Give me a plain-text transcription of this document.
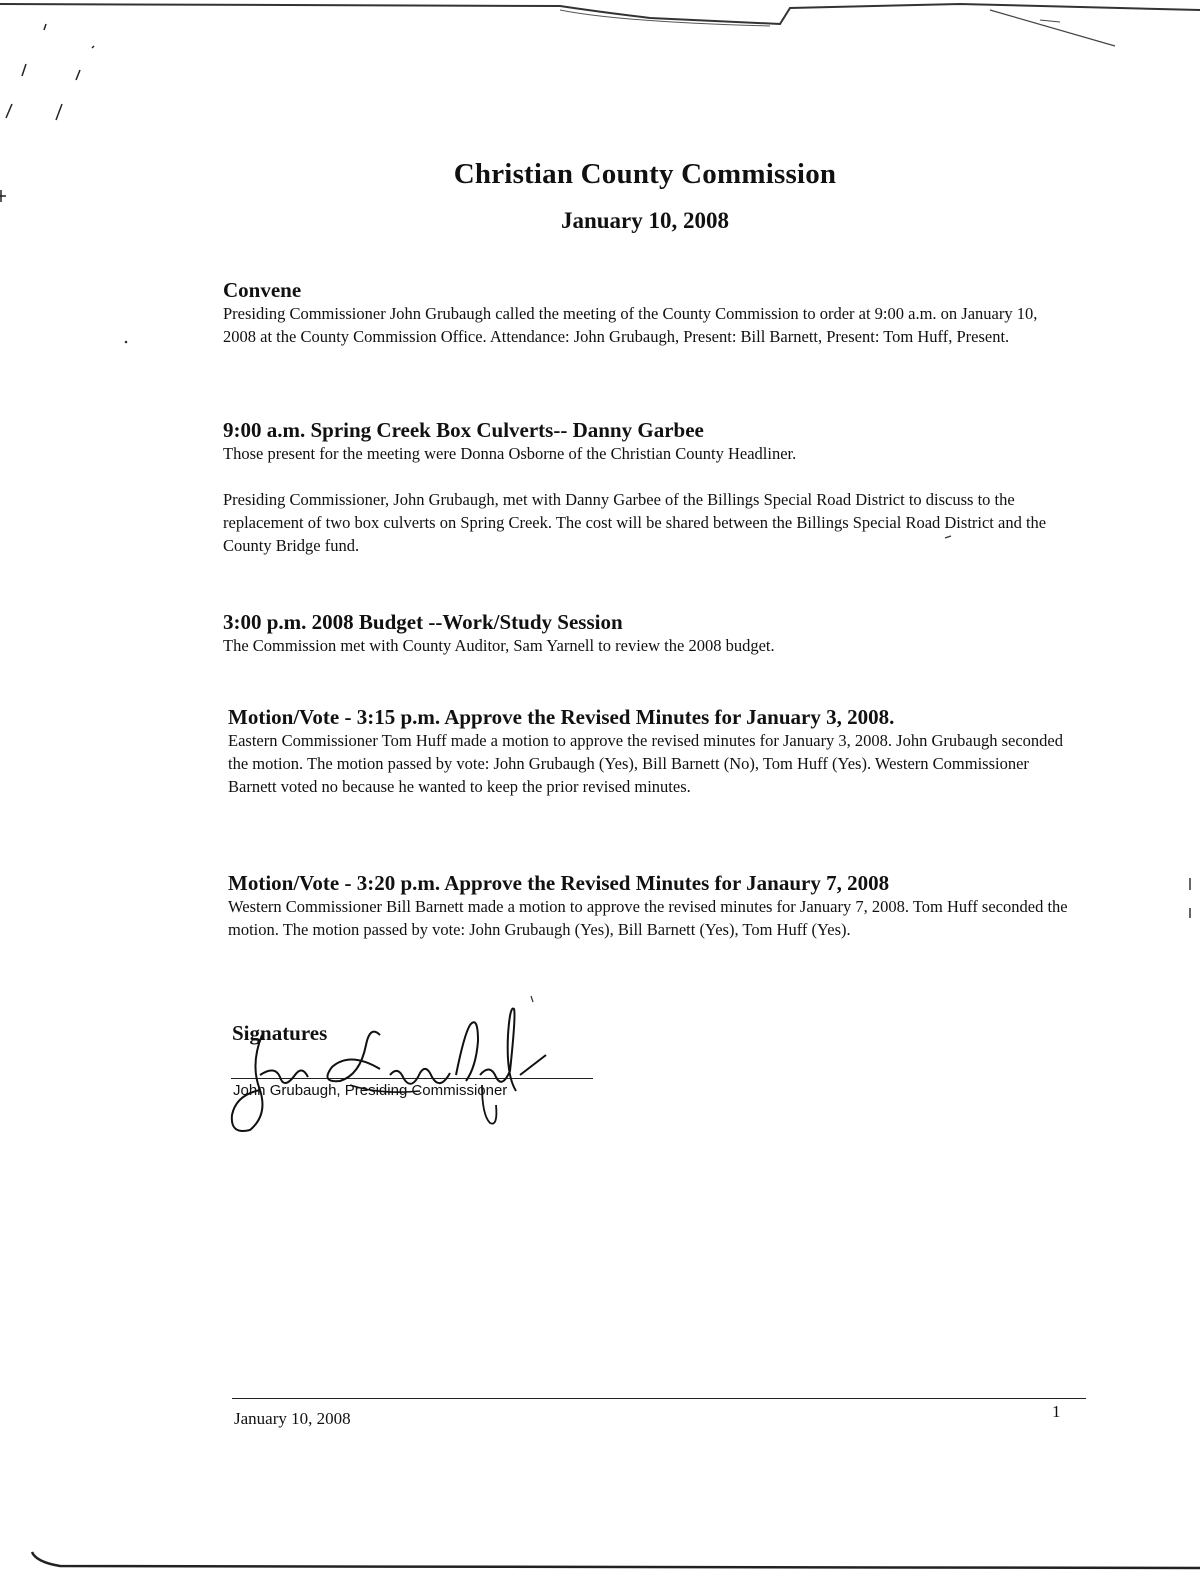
Christian County Commission
January 10, 2008
Convene

Presiding Commissioner John Grubaugh called the meeting of the County Commission to order at 9:00 a.m. on January 10, 2008 at the County Commission Office. Attendance: John Grubaugh, Present: Bill Barnett, Present: Tom Huff, Present.

9:00 a.m. Spring Creek Box Culverts-- Danny Garbee

Those present for the meeting were Donna Osborne of the Christian County Headliner.

Presiding Commissioner, John Grubaugh, met with Danny Garbee of the Billings Special Road District to discuss to the replacement of two box culverts on Spring Creek. The cost will be shared between the Billings Special Road District and the County Bridge fund.

3:00 p.m. 2008 Budget --Work/Study Session

The Commission met with County Auditor, Sam Yarnell to review the 2008 budget.

Motion/Vote - 3:15 p.m. Approve the Revised Minutes for January 3, 2008.

Eastern Commissioner Tom Huff made a motion to approve the revised minutes for January 3, 2008. John Grubaugh seconded the motion. The motion passed by vote: John Grubaugh (Yes), Bill Barnett (No), Tom Huff (Yes). Western Commissioner Barnett voted no because he wanted to keep the prior revised minutes.

Motion/Vote - 3:20 p.m. Approve the Revised Minutes for Janaury 7, 2008

Western Commissioner Bill Barnett made a motion to approve the revised minutes for January 7, 2008. Tom Huff seconded the motion. The motion passed by vote: John Grubaugh (Yes), Bill Barnett (Yes), Tom Huff (Yes).

Signatures
John Grubaugh, Presiding Commissioner
January 10, 2008	1
